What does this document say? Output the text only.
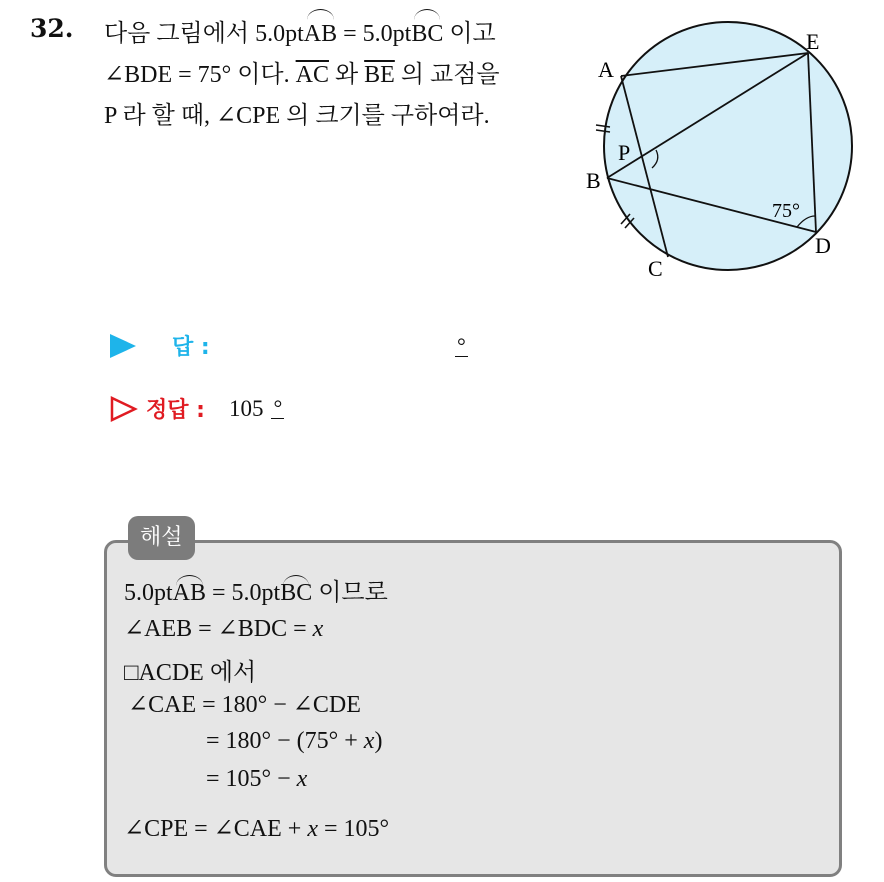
32. 다음 그림에서 5.0ptAB = 5.0ptBC 이고
∠BDE = 75° 이다. $\overline{AC}$ 와 $\overline{BE}$ 의 교점을
P 라 할 때, ∠CPE 의 크기를 구하여라.
A
E
P
B
C
D
75°
답 :	°
정답 : 105 °
해설
5.0ptAB = 5.0ptBC 이므로
∠AEB = ∠BDC = x
□ACDE 에서
∠CAE = 180° − ∠CDE
= 180° − (75° + x)
= 105° − x
∠CPE = ∠CAE + x = 105°
